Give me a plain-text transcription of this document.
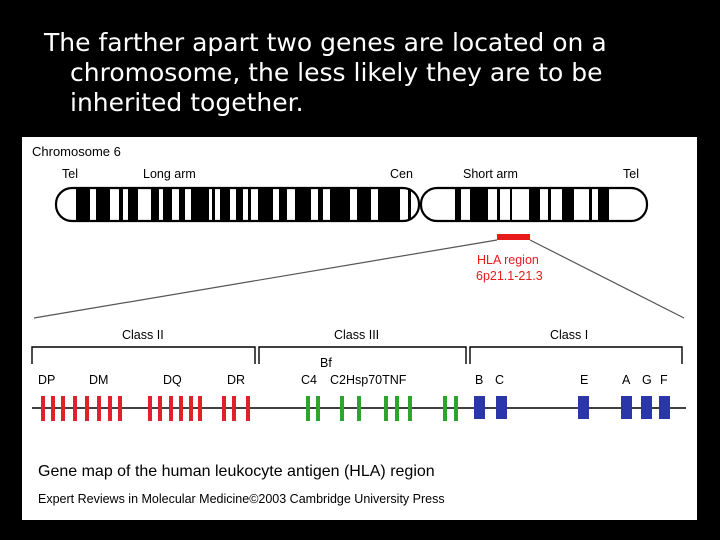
The farther apart two genes are located on a chromosome, the less likely they are to be inherited together.
Chromosome 6
Tel	Long arm	Cen	Short arm	Tel
HLA region
6p21.1-21.3
Class II	Class III	Class I
Bf
DP	DM	DQ	DR	C4 C2Hsp70TNF	B C	E	A G F
Gene map of the human leukocyte antigen (HLA) region
Expert Reviews in Molecular Medicine©2003 Cambridge University Press
